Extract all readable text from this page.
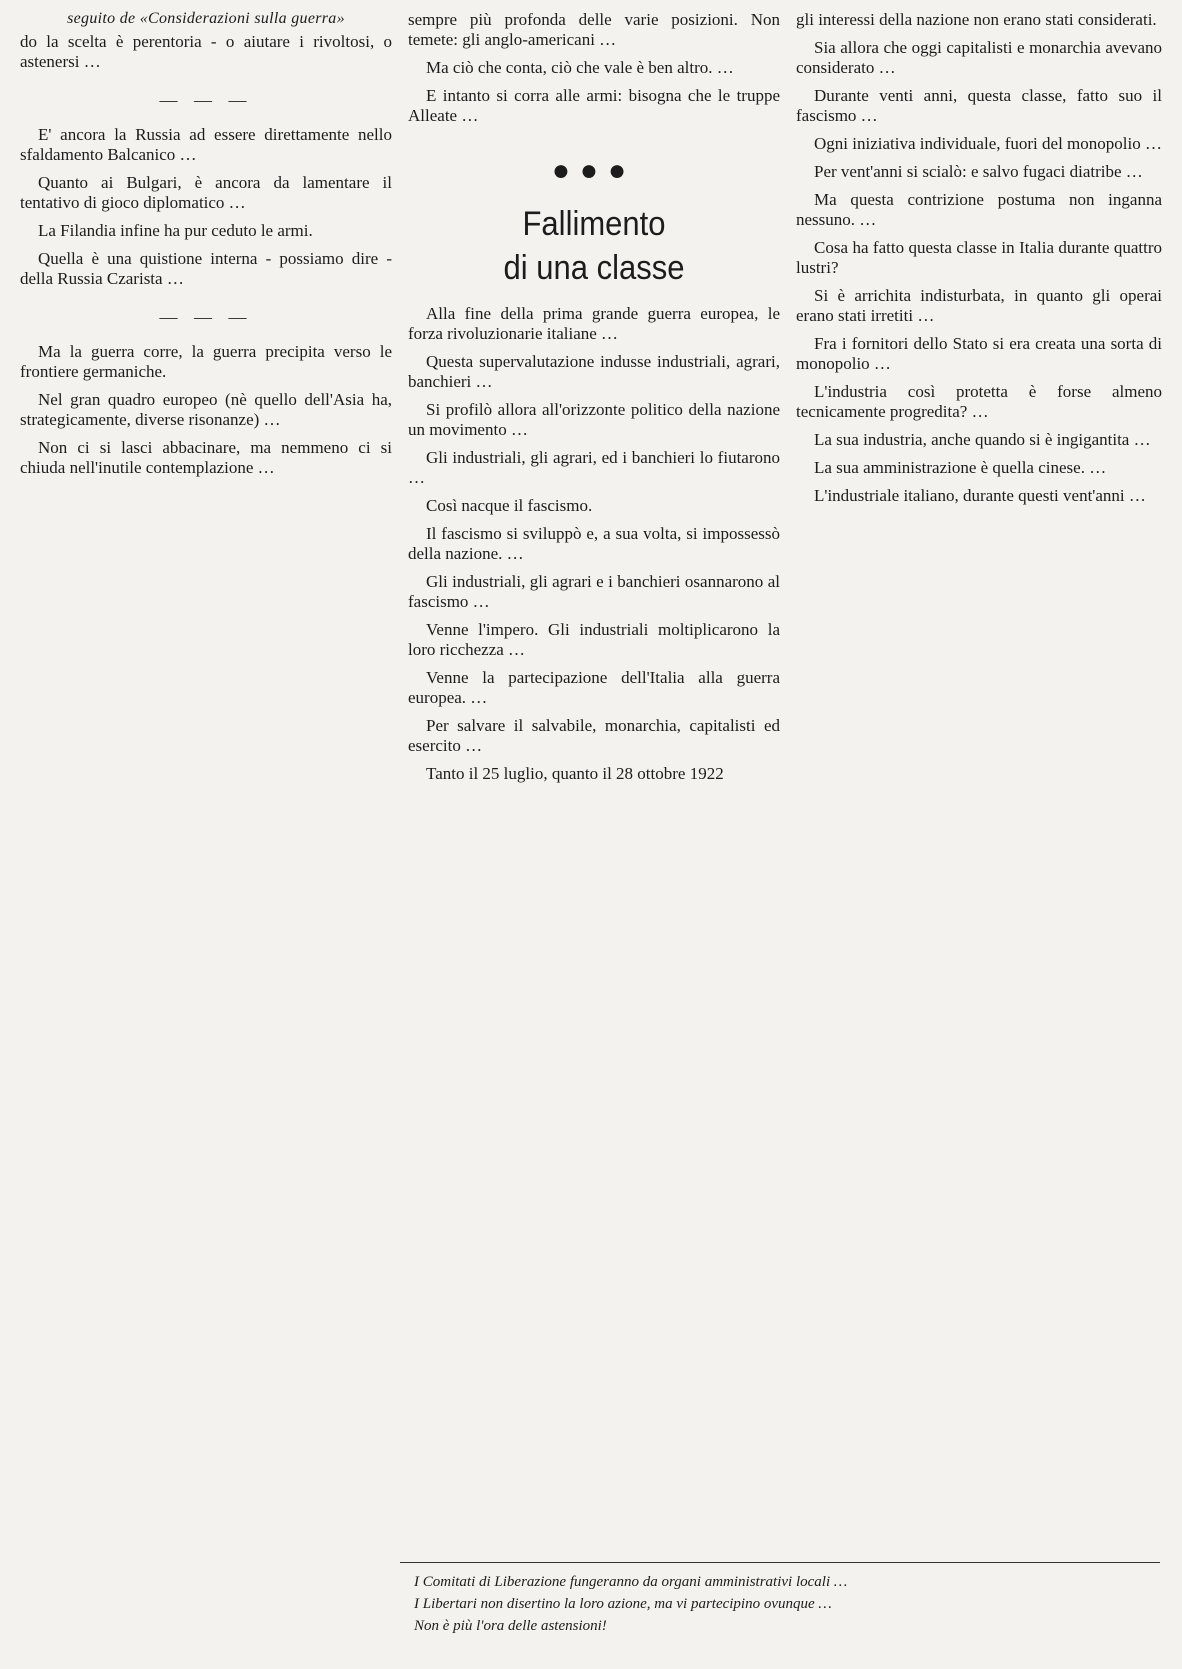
seguito de «Considerazioni sulla guerra»

do la scelta è perentoria - o aiutare i rivoltosi, o astenersi …

— — —

E' ancora la Russia ad essere direttamente nello sfaldamento Balcanico …

Quanto ai Bulgari, è ancora da lamentare il tentativo di gioco diplomatico …

La Filandia infine ha pur ceduto le armi.

Quella è una quistione interna - possiamo dire - della Russia Czarista …

— — —

Ma la guerra corre, la guerra precipita verso le frontiere germaniche.

Nel gran quadro europeo (nè quello dell'Asia ha, strategicamente, diverse risonanze) …

Non ci si lasci abbacinare, ma nemmeno ci si chiuda nell'inutile contemplazione …

sempre più profonda delle varie posizioni. Non temete: gli anglo-americani …

Ma ciò che conta, ciò che vale è ben altro. …

E intanto si corra alle armi: bisogna che le truppe Alleate …

●●●
Fallimento
di una classe

Alla fine della prima grande guerra europea, le forza rivoluzionarie italiane …

Questa supervalutazione indusse industriali, agrari, banchieri …

Si profilò allora all'orizzonte politico della nazione un movimento …

Gli industriali, gli agrari, ed i banchieri lo fiutarono …

Così nacque il fascismo.

Il fascismo si sviluppò e, a sua volta, si impossessò della nazione. …

Gli industriali, gli agrari e i banchieri osannarono al fascismo …

Venne l'impero. Gli industriali moltiplicarono la loro ricchezza …

Venne la partecipazione dell'Italia alla guerra europea. …

Per salvare il salvabile, monarchia, capitalisti ed esercito …

Tanto il 25 luglio, quanto il 28 ottobre 1922

gli interessi della nazione non erano stati considerati.

Sia allora che oggi capitalisti e monarchia avevano considerato …

Durante venti anni, questa classe, fatto suo il fascismo …

Ogni iniziativa individuale, fuori del monopolio …

Per vent'anni si scialò: e salvo fugaci diatribe …

Ma questa contrizione postuma non inganna nessuno. …

Cosa ha fatto questa classe in Italia durante quattro lustri?

Si è arrichita indisturbata, in quanto gli operai erano stati irretiti …

Fra i fornitori dello Stato si era creata una sorta di monopolio …

L'industria così protetta è forse almeno tecnicamente progredita? …

La sua industria, anche quando si è ingigantita …

La sua amministrazione è quella cinese. …

L'industriale italiano, durante questi vent'anni …

I Comitati di Liberazione fungeranno da organi amministrativi locali …

I Libertari non disertino la loro azione, ma vi partecipino ovunque …

Non è più l'ora delle astensioni!
